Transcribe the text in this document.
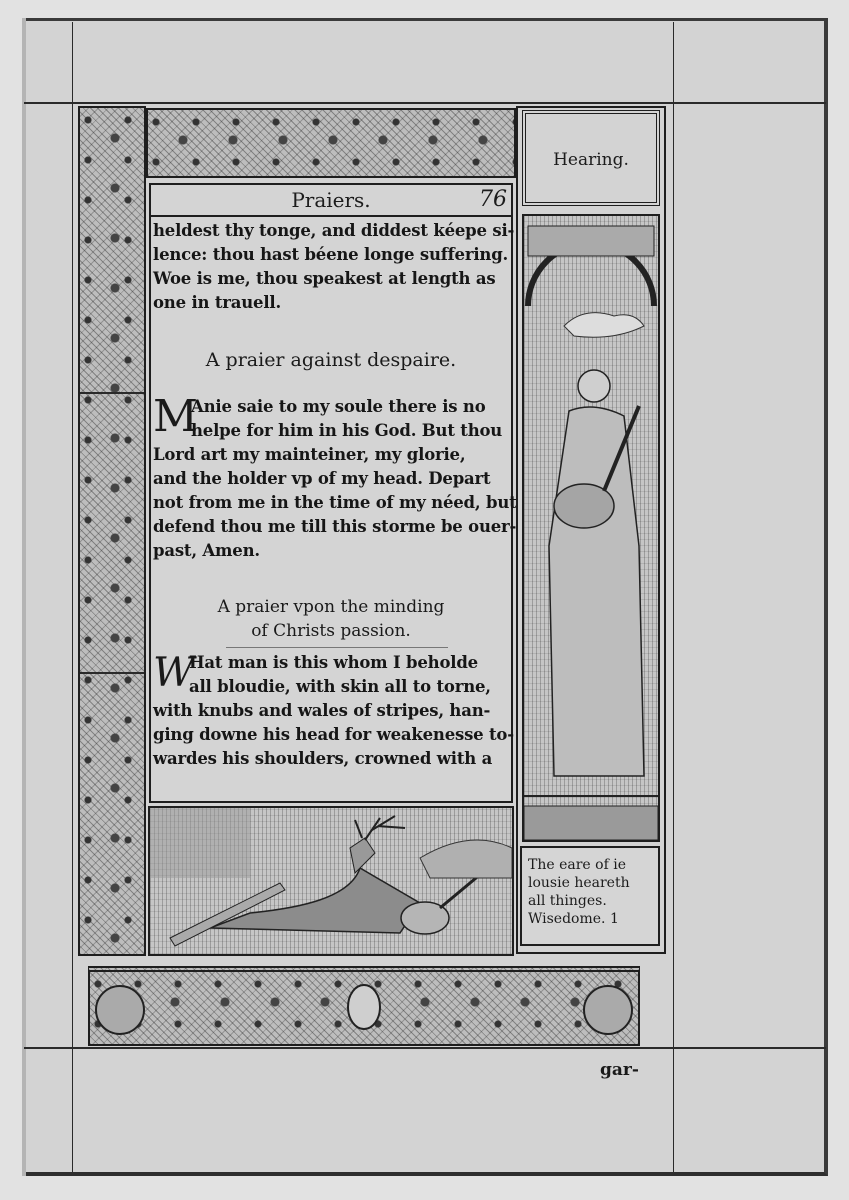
Praiers.	76
heldest thy tonge, and diddest kéepe si-
lence: thou hast béene longe suffering.
Woe is me, thou speakest at length as
one in trauell.
A praier against despaire.
M
Anie saie to my soule there is no
helpe for him in his God. But thou
Lord art my mainteiner, my glorie,
and the holder vp of my head. Depart
not from me in the time of my néed, but
defend thou me till this storme be ouer-
past, Amen.
A praier vpon the minding
of Christs passion.
W
Hat man is this whom I beholde
all bloudie, with skin all to torne,
with knubs and wales of stripes, han-
ging downe his head for weakenesse to-
wardes his shoulders, crowned with a
Hearing.
The eare of ie
lousie heareth
all thinges.
Wisedome. 1
gar-
